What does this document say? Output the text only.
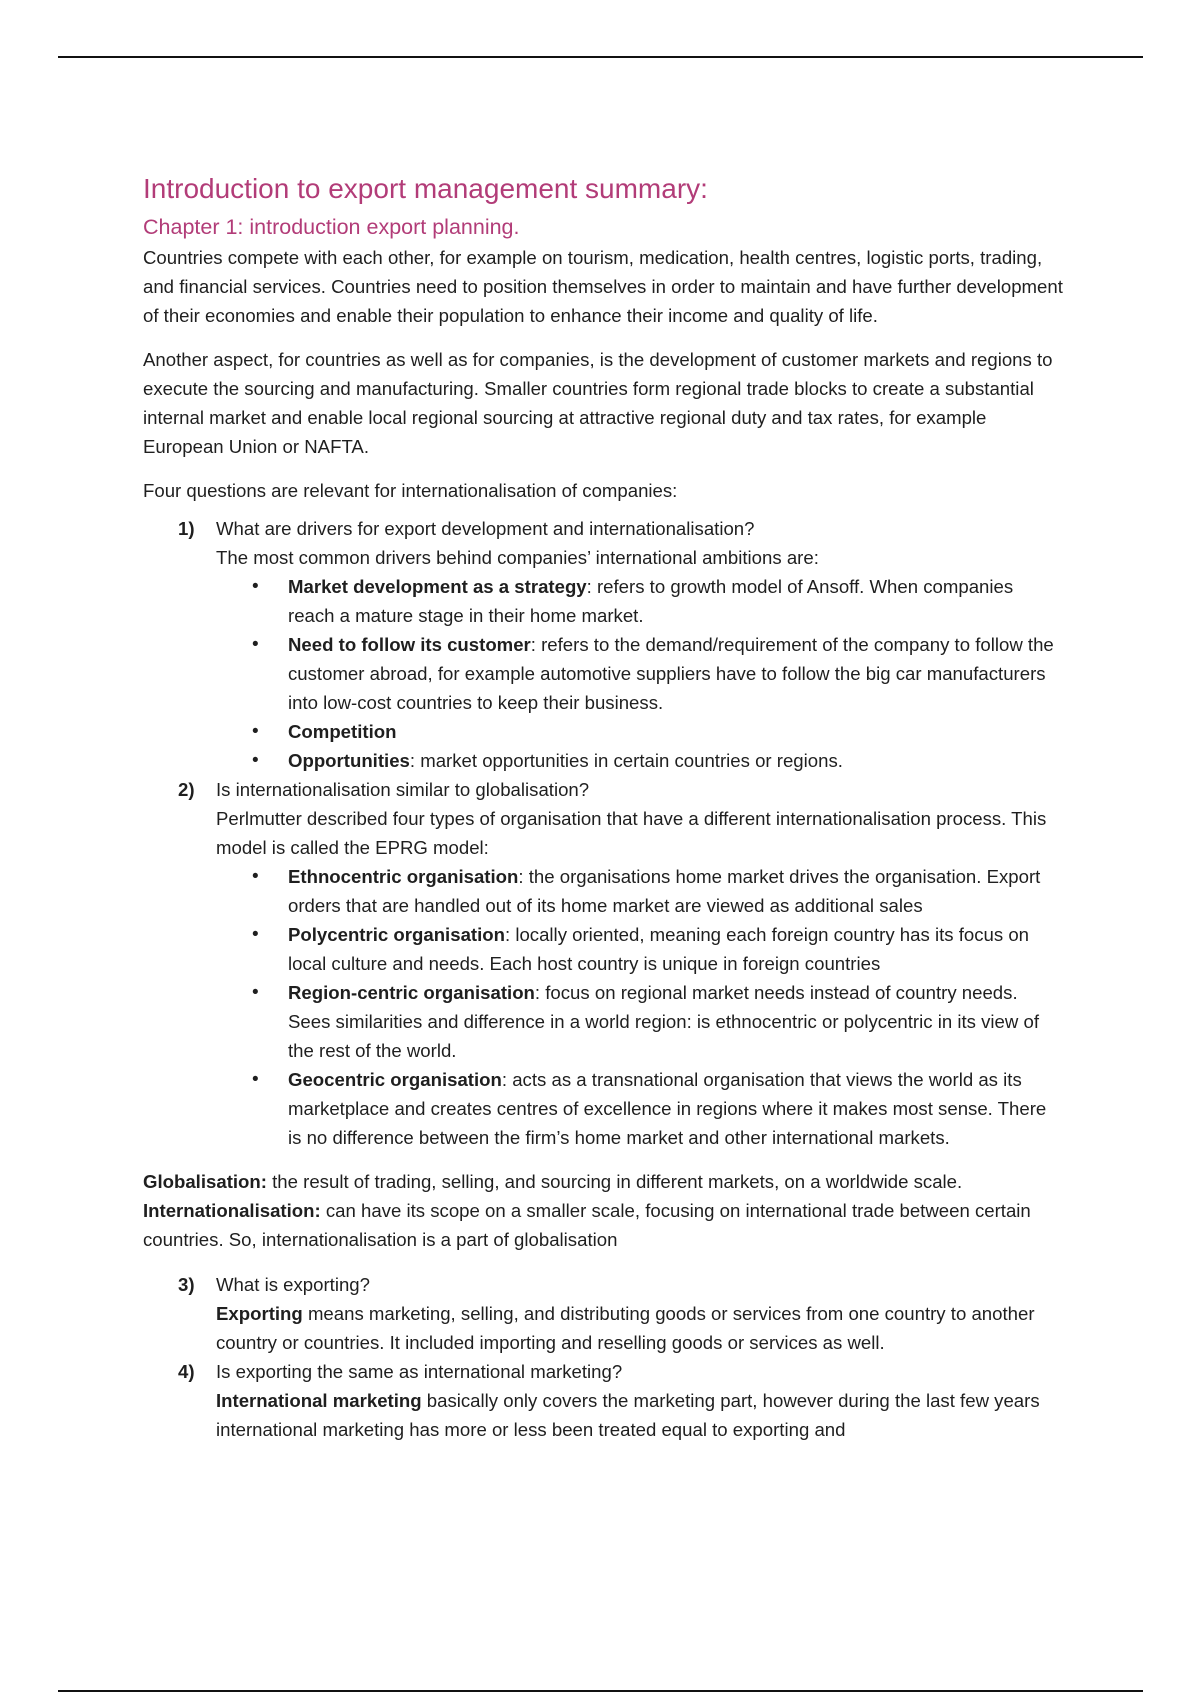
Introduction to export management summary:
Chapter 1: introduction export planning.

Countries compete with each other, for example on tourism, medication, health centres, logistic ports, trading, and financial services. Countries need to position themselves in order to maintain and have further development of their economies and enable their population to enhance their income and quality of life.

Another aspect, for countries as well as for companies, is the development of customer markets and regions to execute the sourcing and manufacturing. Smaller countries form regional trade blocks to create a substantial internal market and enable local regional sourcing at attractive regional duty and tax rates, for example European Union or NAFTA.

Four questions are relevant for internationalisation of companies:

1) What are drivers for export development and internationalisation?
The most common drivers behind companies’ international ambitions are:
• Market development as a strategy: refers to growth model of Ansoff. When companies reach a mature stage in their home market.
• Need to follow its customer: refers to the demand/requirement of the company to follow the customer abroad, for example automotive suppliers have to follow the big car manufacturers into low-cost countries to keep their business.
• Competition
• Opportunities: market opportunities in certain countries or regions.
2) Is internationalisation similar to globalisation?
Perlmutter described four types of organisation that have a different internationalisation process. This model is called the EPRG model:
• Ethnocentric organisation: the organisations home market drives the organisation. Export orders that are handled out of its home market are viewed as additional sales
• Polycentric organisation: locally oriented, meaning each foreign country has its focus on local culture and needs. Each host country is unique in foreign countries
• Region-centric organisation: focus on regional market needs instead of country needs. Sees similarities and difference in a world region: is ethnocentric or polycentric in its view of the rest of the world.
• Geocentric organisation: acts as a transnational organisation that views the world as its marketplace and creates centres of excellence in regions where it makes most sense. There is no difference between the firm’s home market and other international markets.

Globalisation: the result of trading, selling, and sourcing in different markets, on a worldwide scale.

Internationalisation: can have its scope on a smaller scale, focusing on international trade between certain countries. So, internationalisation is a part of globalisation

3) What is exporting?
Exporting means marketing, selling, and distributing goods or services from one country to another country or countries. It included importing and reselling goods or services as well.
4) Is exporting the same as international marketing?
International marketing basically only covers the marketing part, however during the last few years international marketing has more or less been treated equal to exporting and
